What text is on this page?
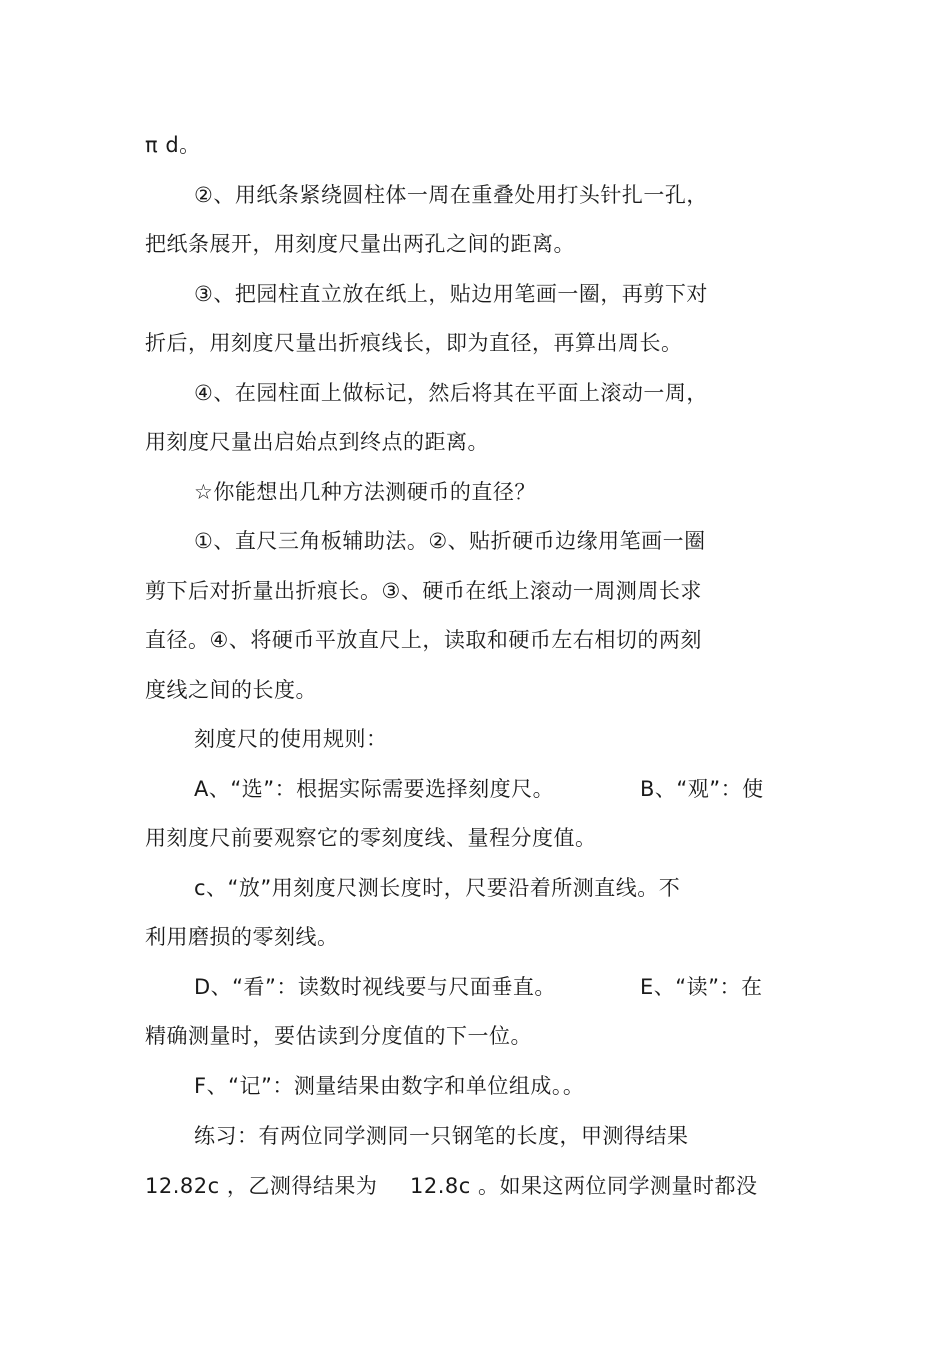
π d。
②、用纸条紧绕圆柱体一周在重叠处用打头针扎一孔，
把纸条展开，用刻度尺量出两孔之间的距离。
③、把园柱直立放在纸上，贴边用笔画一圈，再剪下对
折后，用刻度尺量出折痕线长，即为直径，再算出周长。
④、在园柱面上做标记，然后将其在平面上滚动一周，
用刻度尺量出启始点到终点的距离。
☆你能想出几种方法测硬币的直径？
①、直尺三角板辅助法。②、贴折硬币边缘用笔画一圈
剪下后对折量出折痕长。③、硬币在纸上滚动一周测周长求
直径。④、将硬币平放直尺上，读取和硬币左右相切的两刻
度线之间的长度。
刻度尺的使用规则：
A、“选”：根据实际需要选择刻度尺。	B、“观”：使
用刻度尺前要观察它的零刻度线、量程分度值。
c、“放”用刻度尺测长度时，尺要沿着所测直线。不
利用磨损的零刻线。
D、“看”：读数时视线要与尺面垂直。	E、“读”：在
精确测量时，要估读到分度值的下一位。
F、“记”：测量结果由数字和单位组成。。
练习：有两位同学测同一只钢笔的长度，甲测得结果
12.82c ，乙测得结果为 12.8c 。如果这两位同学测量时都没
